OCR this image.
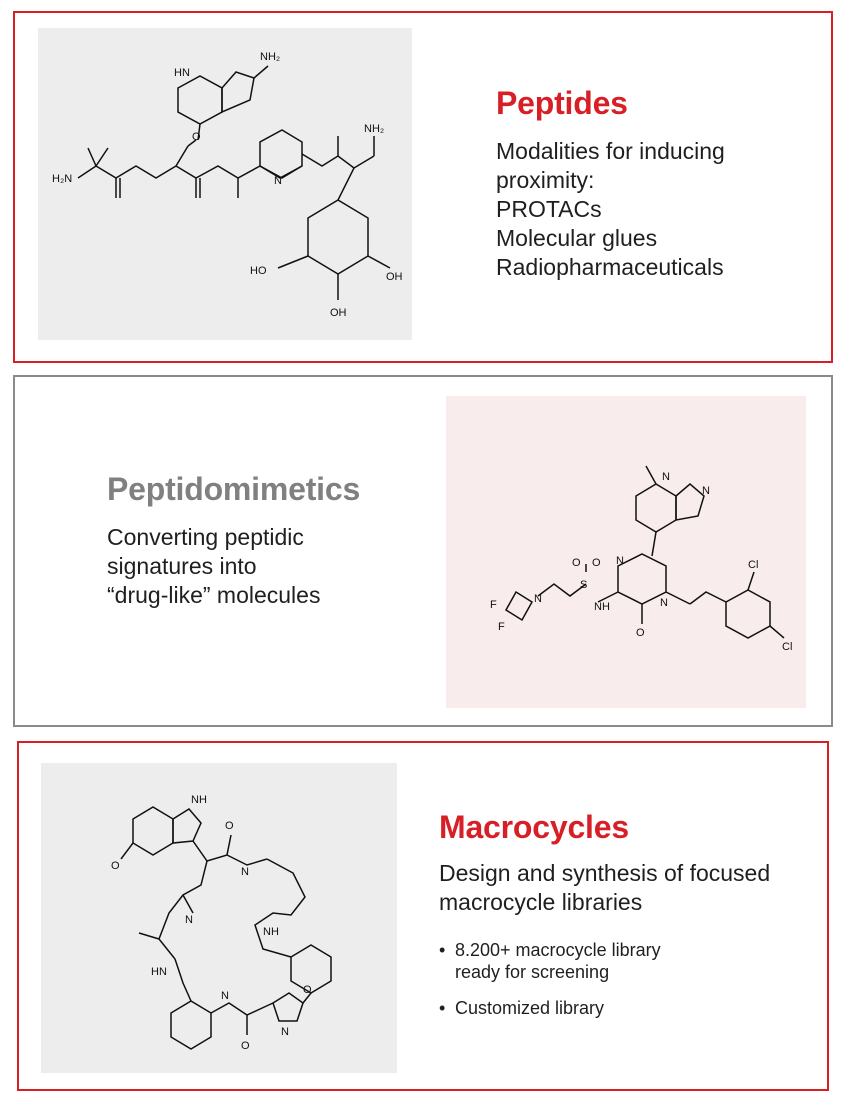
NH₂
HN
O
H₂N	N
NH₂
OH
HO
OH
Peptides
Modalities for inducing
proximity:
PROTACs
Molecular glues
Radiopharmaceuticals
Peptidomimetics
Converting peptidic
signatures into
“drug-like” molecules
N
N
N
N
O
S
O O
NH
Cl
Cl
N
F
F
NH
O
O
N
N
NH
HN
N
O
N
O
Macrocycles
Design and synthesis of focused
macrocycle libraries
• 8.200+ macrocycle library
ready for screening
• Customized library
